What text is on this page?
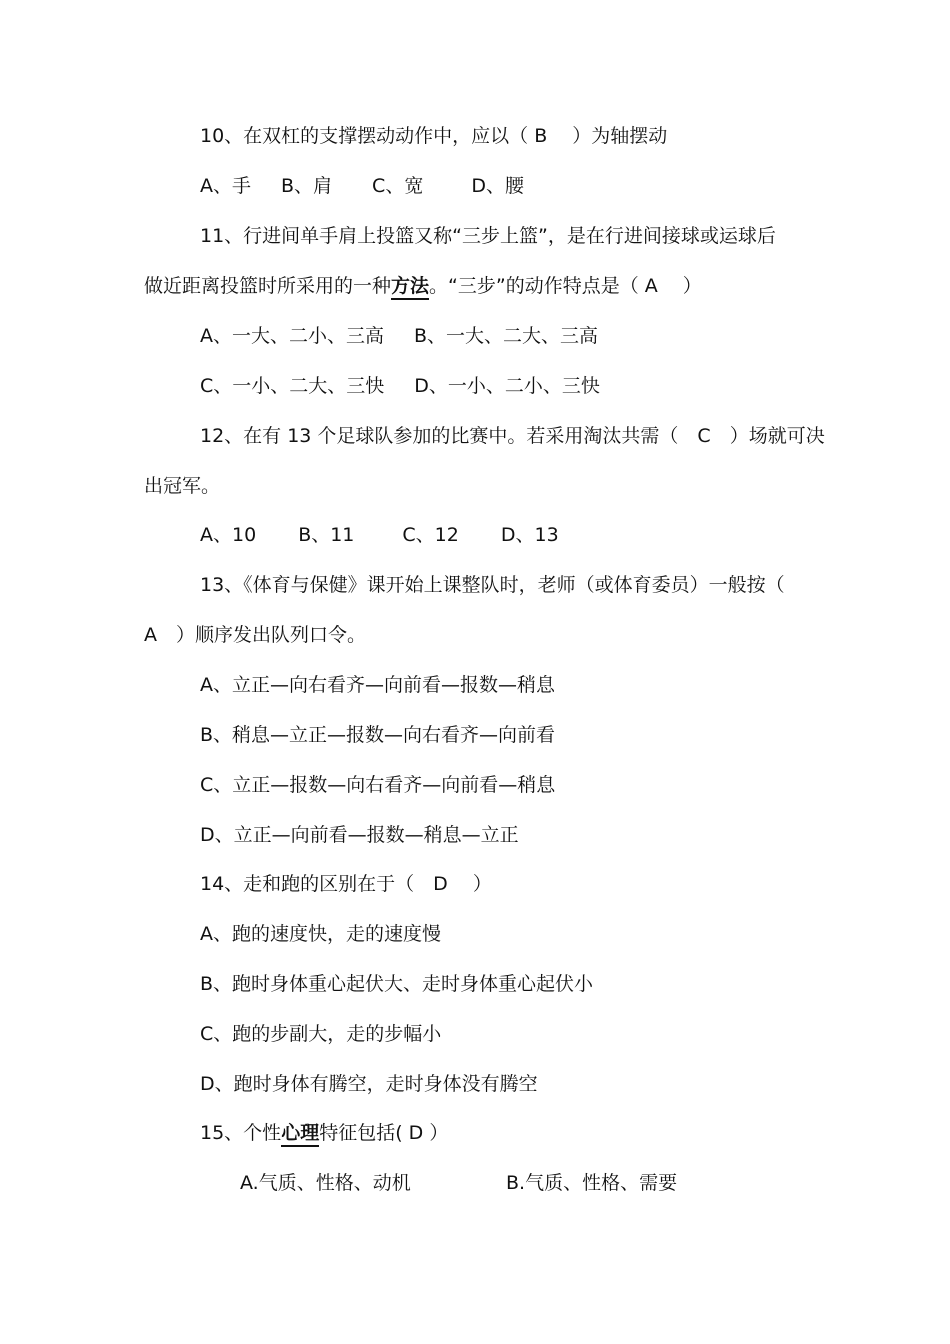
10、在双杠的支撑摆动动作中，应以（ B　 ）为轴摆动
A、手 B、肩 C、宽	D、腰
11、行进间单手肩上投篮又称“三步上篮”，是在行进间接球或运球后
做近距离投篮时所采用的一种方法。“三步”的动作特点是（ A　 ）
A、一大、二小、三高 B、一大、二大、三高
C、一小、二大、三快 D、一小、二小、三快
12、在有 13 个足球队参加的比赛中。若采用淘汰共需（　C　）场就可决
出冠军。
A、10 B、11	C、12 D、13
13、《体育与保健》课开始上课整队时，老师（或体育委员）一般按（
A　）顺序发出队列口令。
A、立正—向右看齐—向前看—报数—稍息
B、稍息—立正—报数—向右看齐—向前看
C、立正—报数—向右看齐—向前看—稍息
D、立正—向前看—报数—稍息—立正
14、走和跑的区别在于（　D　 ）
A、跑的速度快，走的速度慢
B、跑时身体重心起伏大、走时身体重心起伏小
C、跑的步副大，走的步幅小
D、跑时身体有腾空，走时身体没有腾空
15、个性心理特征包括( D ）
A.气质、性格、动机	B.气质、性格、需要
